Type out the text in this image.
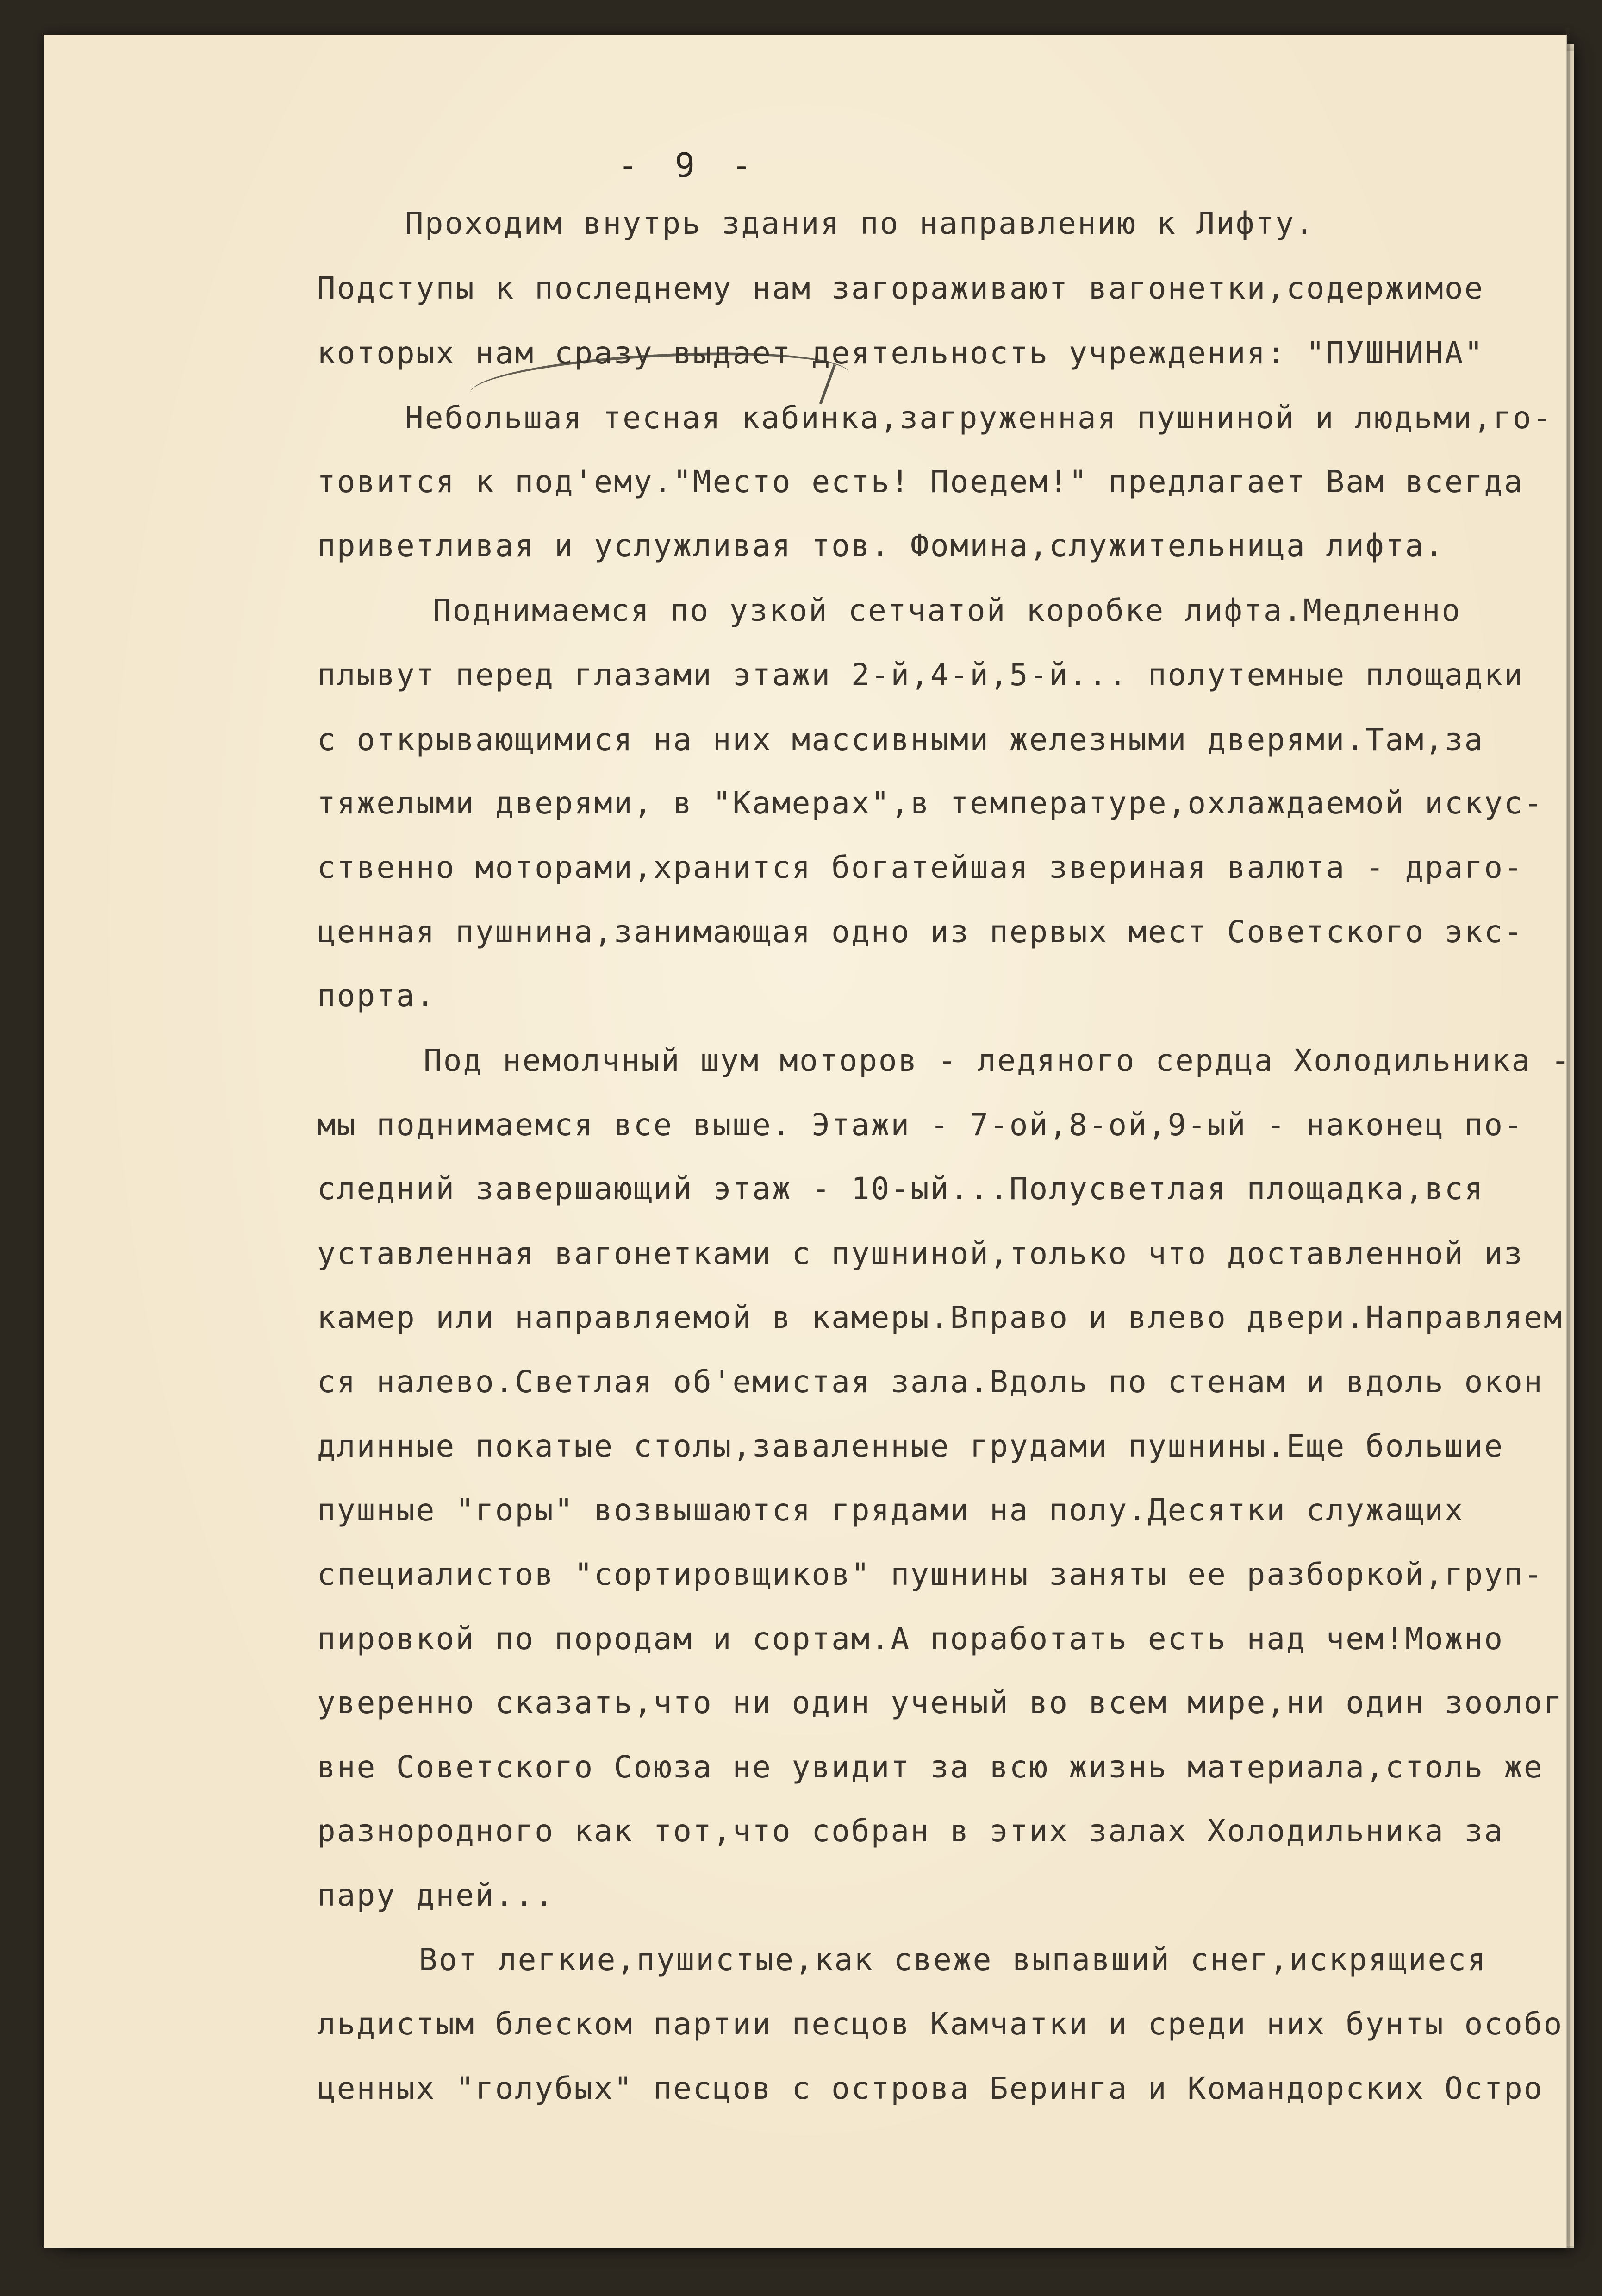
- 9 -

Проходим внутрь здания по направлению к Лифту.

Подступы к последнему нам загораживают вагонетки,содержимое

которых нам сразу выдает деятельность учреждения: "ПУШНИНА"

Небольшая тесная кабинка,загруженная пушниной и людьми,го-

товится к под'ему."Место есть! Поедем!" предлагает Вам всегда

приветливая и услужливая тов. Фомина,служительница лифта.

Поднимаемся по узкой сетчатой коробке лифта.Медленно

плывут перед глазами этажи 2-й,4-й,5-й... полутемные площадки

с открывающимися на них массивными железными дверями.Там,за

тяжелыми дверями, в "Камерах",в температуре,охлаждаемой искус-

ственно моторами,хранится богатейшая звериная валюта - драго-

ценная пушнина,занимающая одно из первых мест Советского экс-

порта.

Под немолчный шум моторов - ледяного сердца Холодильника -

мы поднимаемся все выше. Этажи - 7-ой,8-ой,9-ый - наконец по-

следний завершающий этаж - 10-ый...Полусветлая площадка,вся

уставленная вагонетками с пушниной,только что доставленной из

камер или направляемой в камеры.Вправо и влево двери.Направляем

ся налево.Светлая об'емистая зала.Вдоль по стенам и вдоль окон

длинные покатые столы,заваленные грудами пушнины.Еще большие

пушные "горы" возвышаются грядами на полу.Десятки служащих

специалистов "сортировщиков" пушнины заняты ее разборкой,груп-

пировкой по породам и сортам.А поработать есть над чем!Можно

уверенно сказать,что ни один ученый во всем мире,ни один зоолог

вне Советского Союза не увидит за всю жизнь материала,столь же

разнородного как тот,что собран в этих залах Холодильника за

пару дней...

Вот легкие,пушистые,как свеже выпавший снег,искрящиеся

льдистым блеском партии песцов Камчатки и среди них бунты особо

ценных "голубых" песцов с острова Беринга и Командорских Остро
